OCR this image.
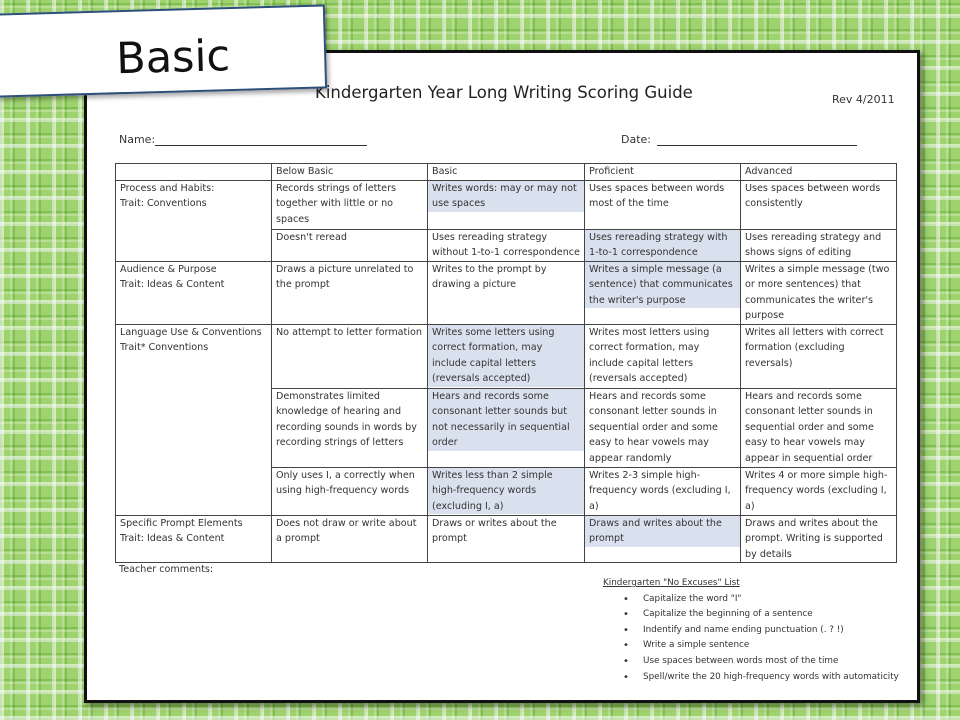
Basic
Kindergarten Year Long Writing Scoring Guide	Rev 4/2011
Name:	Date:
	Below Basic	Basic	Proficient	Advanced

Process and Habits:
Trait: Conventions	Records strings of letters together with little or no spaces	Writes words: may or may not use spaces	Uses spaces between words most of the time	Uses spaces between words consistently
	Doesn't reread	Uses rereading strategy without 1-to-1 correspondence	Uses rereading strategy with 1-to-1 correspondence	Uses rereading strategy and shows signs of editing

Audience & Purpose
Trait: Ideas & Content	Draws a picture unrelated to the prompt	Writes to the prompt by drawing a picture	Writes a simple message (a sentence) that communicates the writer's purpose	Writes a simple message (two or more sentences) that communicates the writer's purpose

Language Use & Conventions
Trait* Conventions	No attempt to letter formation	Writes some letters using correct formation, may include capital letters (reversals accepted)	Writes most letters using correct formation, may include capital letters (reversals accepted)	Writes all letters with correct formation (excluding reversals)
	Demonstrates limited knowledge of hearing and recording sounds in words by recording strings of letters	Hears and records some consonant letter sounds but not necessarily in sequential order	Hears and records some consonant letter sounds in sequential order and some easy to hear vowels may appear randomly	Hears and records some consonant letter sounds in sequential order and some easy to hear vowels may appear in sequential order
	Only uses I, a correctly when using high-frequency words	Writes less than 2 simple high-frequency words (excluding I, a)	Writes 2-3 simple high-frequency words (excluding I, a)	Writes 4 or more simple high-frequency words (excluding I, a)

Specific Prompt Elements
Trait: Ideas & Content	Does not draw or write about a prompt	Draws or writes about the prompt	Draws and writes about the prompt	Draws and writes about the prompt. Writing is supported by details
Teacher comments:
Kindergarten "No Excuses" List
• Capitalize the word "I"
• Capitalize the beginning of a sentence
• Indentify and name ending punctuation (. ? !)
• Write a simple sentence
• Use spaces between words most of the time
• Spell/write the 20 high-frequency words with automaticity
